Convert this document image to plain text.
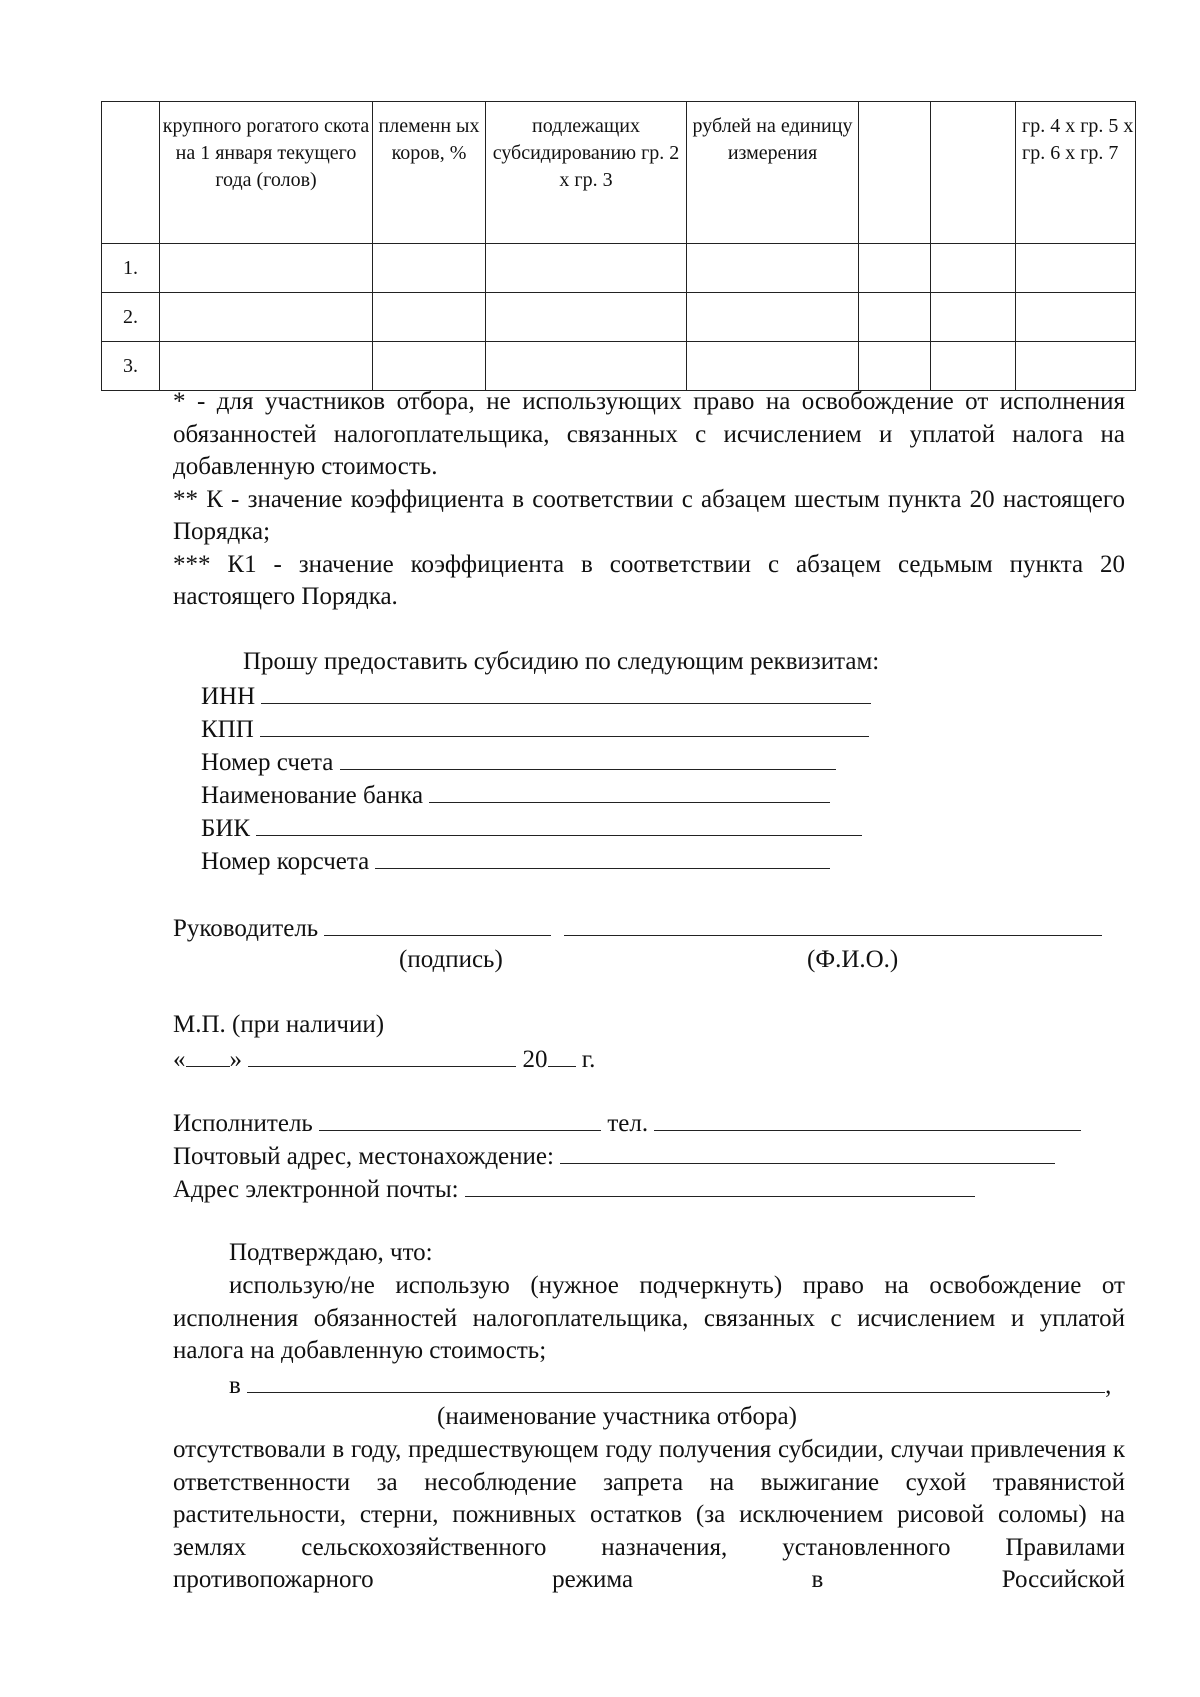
	крупного рогатого скота на 1 января текущего года (голов)	племенн ых коров, %	подлежащих субсидированию гр. 2 х гр. 3	рублей на единицу измерения			гр. 4 х гр. 5 х гр. 6 х гр. 7
1.							
2.							
3.							
* - для участников отбора, не использующих право на освобождение от исполнения обязанностей налогоплательщика, связанных с исчислением и уплатой налога на добавленную стоимость.
** К - значение коэффициента в соответствии с абзацем шестым пункта 20 настоящего Порядка;
*** К1 - значение коэффициента в соответствии с абзацем седьмым пункта 20 настоящего Порядка.
Прошу предоставить субсидию по следующим реквизитам:
ИНН
КПП
Номер счета
Наименование банка
БИК
Номер корсчета
Руководитель
(подпись)	(Ф.И.О.)
М.П. (при наличии)
« »	20 г.
Исполнитель	тел.
Почтовый адрес, местонахождение:
Адрес электронной почты:
Подтверждаю, что:
использую/не использую (нужное подчеркнуть) право на освобождение от исполнения обязанностей налогоплательщика, связанных с исчислением и уплатой налога на добавленную стоимость;
в	,
(наименование участника отбора)
отсутствовали в году, предшествующем году получения субсидии, случаи привлечения к ответственности за несоблюдение запрета на выжигание сухой травянистой растительности, стерни, пожнивных остатков (за исключением рисовой соломы) на землях сельскохозяйственного назначения, установленного Правилами противопожарного режима в Российской
